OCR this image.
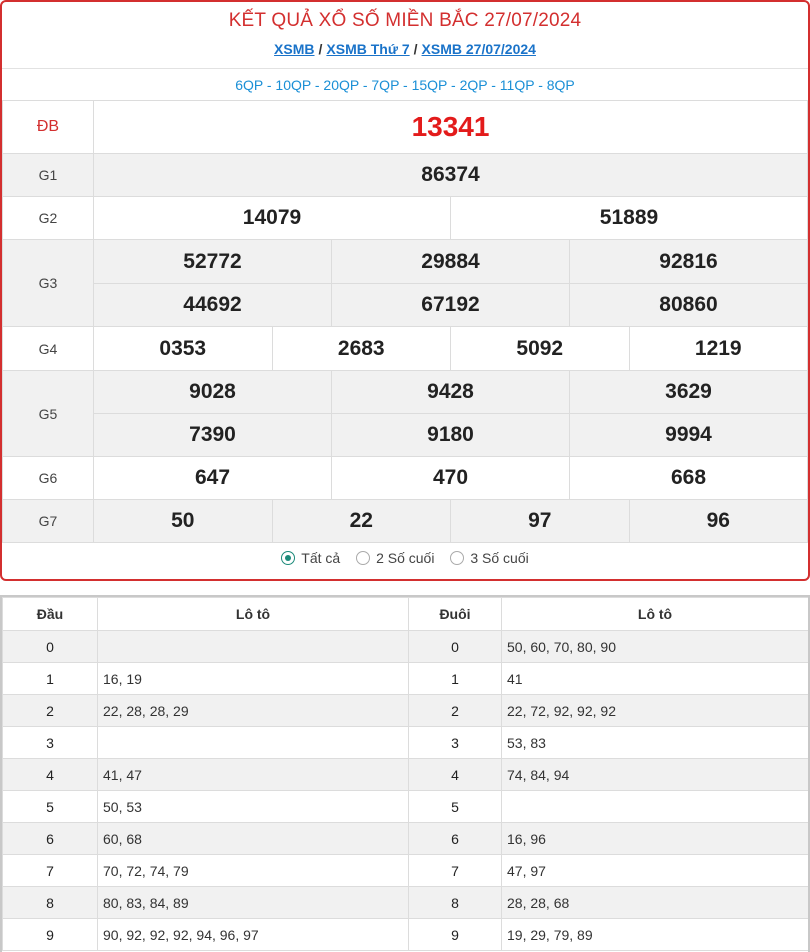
KẾT QUẢ XỔ SỐ MIỀN BẮC 27/07/2024
XSMB / XSMB Thứ 7 / XSMB 27/07/2024
6QP - 10QP - 20QP - 7QP - 15QP - 2QP - 11QP - 8QP
ĐB	13341					
G1	86374					
G2	14079			51889		
G3	52772		29884		92816	
	44692		67192		80860	
G4	0353	2683		5092		1219
G5	9028		9428		3629	
	7390		9180		9994	
G6	647		470		668	
G7	50	22		97		96
Tất cả
	2 Số cuối
	3 Số cuối
Đầu	Lô tô	Đuôi	Lô tô
0		0	50, 60, 70, 80, 90
1	16, 19	1	41
2	22, 28, 28, 29	2	22, 72, 92, 92, 92
3		3	53, 83
4	41, 47	4	74, 84, 94
5	50, 53	5	
6	60, 68	6	16, 96
7	70, 72, 74, 79	7	47, 97
8	80, 83, 84, 89	8	28, 28, 68
9	90, 92, 92, 92, 94, 96, 97	9	19, 29, 79, 89
